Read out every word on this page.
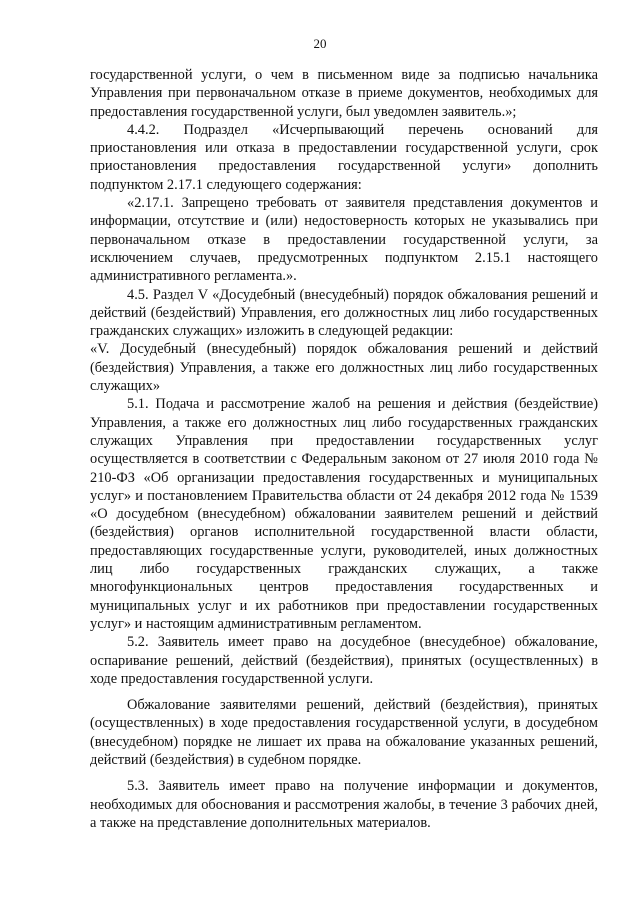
20

государственной услуги, о чем в письменном виде за подписью начальника Управления при первоначальном отказе в приеме документов, необходимых для предоставления государственной услуги, был уведомлен заявитель.»;

4.4.2. Подраздел «Исчерпывающий перечень оснований для приостановления или отказа в предоставлении государственной услуги, срок приостановления предоставления государственной услуги» дополнить подпунктом 2.17.1 следующего содержания:

«2.17.1. Запрещено требовать от заявителя представления документов и информации, отсутствие и (или) недостоверность которых не указывались при первоначальном отказе в предоставлении государственной услуги, за исключением случаев, предусмотренных подпунктом 2.15.1 настоящего административного регламента.».

4.5. Раздел V «Досудебный (внесудебный) порядок обжалования решений и действий (бездействий) Управления, его должностных лиц либо государственных гражданских служащих» изложить в следующей редакции:

«V. Досудебный (внесудебный) порядок обжалования решений и действий (бездействия) Управления, а также его должностных лиц либо государственных служащих»

5.1. Подача и рассмотрение жалоб на решения и действия (бездействие) Управления, а также его должностных лиц либо государственных гражданских служащих Управления при предоставлении государственных услуг осуществляется в соответствии с Федеральным законом от 27 июля 2010 года № 210-ФЗ «Об организации предоставления государственных и муниципальных услуг» и постановлением Правительства области от 24 декабря 2012 года № 1539 «О досудебном (внесудебном) обжаловании заявителем решений и действий (бездействия) органов исполнительной государственной власти области, предоставляющих государственные услуги, руководителей, иных должностных лиц либо государственных гражданских служащих, а также многофункциональных центров предоставления государственных и муниципальных услуг и их работников при предоставлении государственных услуг» и настоящим административным регламентом.

5.2. Заявитель имеет право на досудебное (внесудебное) обжалование, оспаривание решений, действий (бездействия), принятых (осуществленных) в ходе предоставления государственной услуги.

Обжалование заявителями решений, действий (бездействия), принятых (осуществленных) в ходе предоставления государственной услуги, в досудебном (внесудебном) порядке не лишает их права на обжалование указанных решений, действий (бездействия) в судебном порядке.

5.3. Заявитель имеет право на получение информации и документов, необходимых для обоснования и рассмотрения жалобы, в течение 3 рабочих дней, а также на представление дополнительных материалов.
